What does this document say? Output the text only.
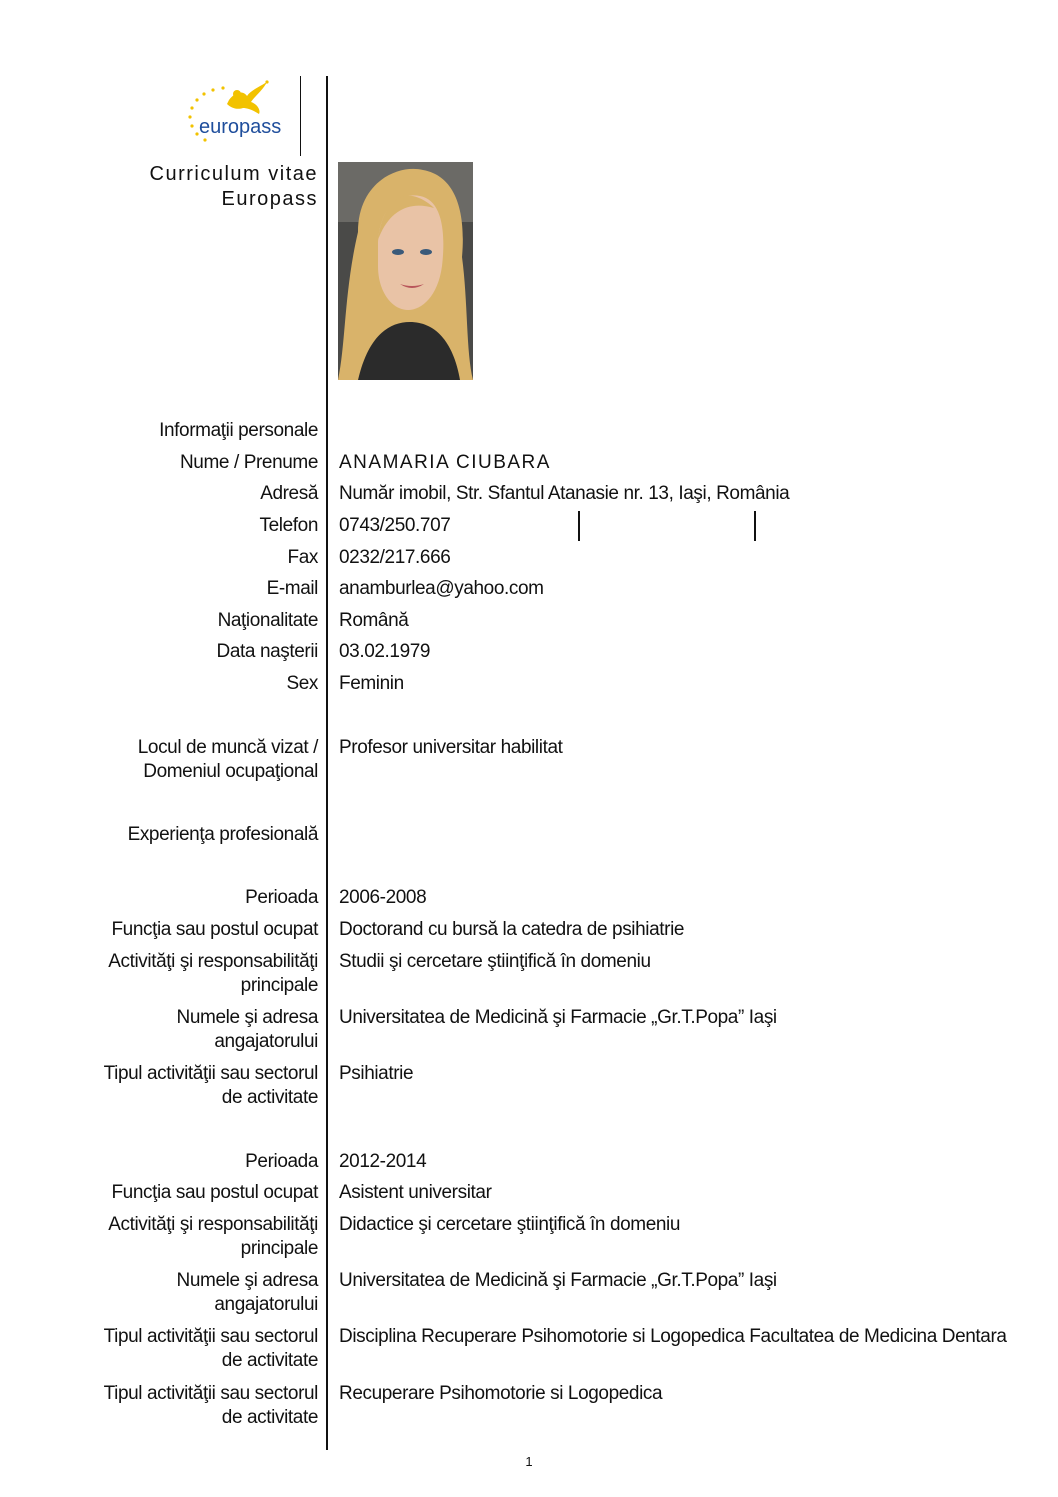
europass
Curriculum vitae
Europass
Informaţii personale
Nume / Prenume ANAMARIA CIUBARA
Adresă Număr imobil, Str. Sfantul Atanasie nr. 13, Iaşi, România
Telefon 0743/250.707
Fax 0232/217.666
E-mail anamburlea@yahoo.com
Naţionalitate Română
Data naşterii 03.02.1979
Sex Feminin
Locul de muncă vizat /
Domeniul ocupaţional
Profesor universitar habilitat
Experienţa profesională
Perioada 2006-2008
Funcţia sau postul ocupat Doctorand cu bursă la catedra de psihiatrie
Activităţi şi responsabilităţi
principale
Studii şi cercetare ştiinţifică în domeniu
Numele şi adresa
angajatorului
Universitatea de Medicină şi Farmacie „Gr.T.Popa” Iaşi
Tipul activităţii sau sectorul
de activitate
Psihiatrie
Perioada 2012-2014
Funcţia sau postul ocupat Asistent universitar
Activităţi şi responsabilităţi
principale
Didactice şi cercetare ştiinţifică în domeniu
Numele şi adresa
angajatorului
Universitatea de Medicină şi Farmacie „Gr.T.Popa” Iaşi
Tipul activităţii sau sectorul
de activitate
Disciplina Recuperare Psihomotorie si Logopedica Facultatea de Medicina Dentara
Tipul activităţii sau sectorul
de activitate
Recuperare Psihomotorie si Logopedica
1
